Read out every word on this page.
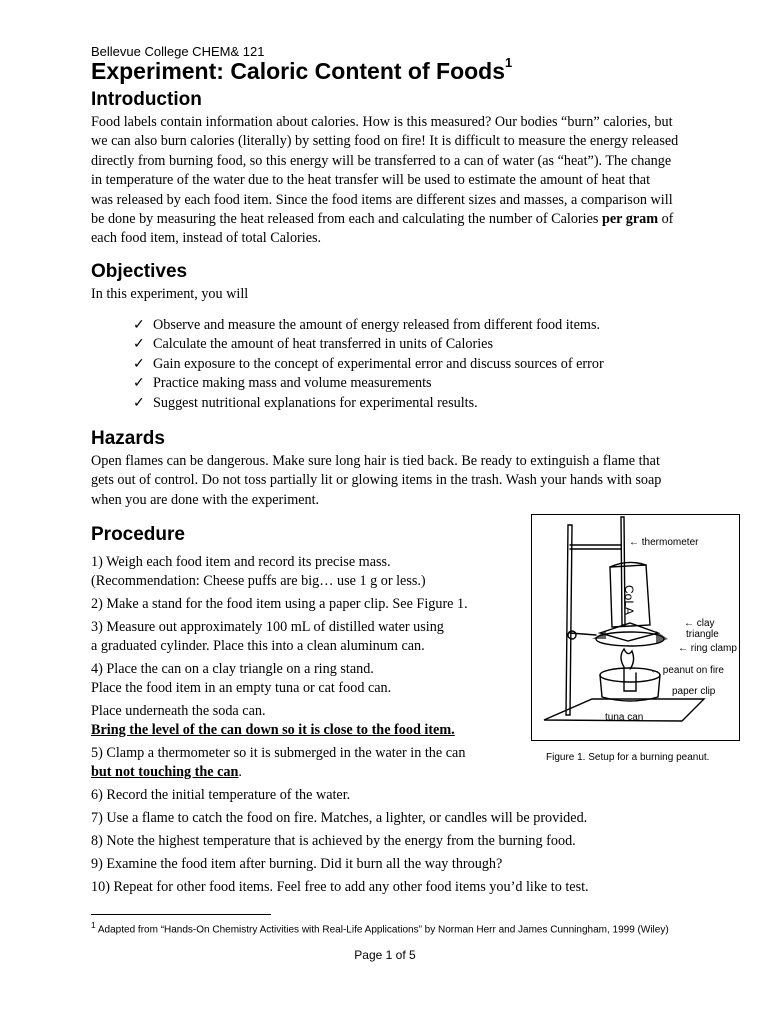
Bellevue College CHEM& 121
Experiment: Caloric Content of Foods$^1$
Introduction
Food labels contain information about calories. How is this measured? Our bodies “burn” calories, but
we can also burn calories (literally) by setting food on fire! It is difficult to measure the energy released
directly from burning food, so this energy will be transferred to a can of water (as “heat”). The change
in temperature of the water due to the heat transfer will be used to estimate the amount of heat that
was released by each food item. Since the food items are different sizes and masses, a comparison will
be done by measuring the heat released from each and calculating the number of Calories per gram of
each food item, instead of total Calories.
Objectives
In this experiment, you will
✓ Observe and measure the amount of energy released from different food items.
✓ Calculate the amount of heat transferred in units of Calories
✓ Gain exposure to the concept of experimental error and discuss sources of error
✓ Practice making mass and volume measurements
✓ Suggest nutritional explanations for experimental results.
Hazards
Open flames can be dangerous. Make sure long hair is tied back. Be ready to extinguish a flame that
gets out of control. Do not toss partially lit or glowing items in the trash. Wash your hands with soap
when you are done with the experiment.
Procedure
1) Weigh each food item and record its precise mass.
(Recommendation: Cheese puffs are big… use 1 g or less.)
2) Make a stand for the food item using a paper clip. See Figure 1.
3) Measure out approximately 100 mL of distilled water using
a graduated cylinder. Place this into a clean aluminum can.
4) Place the can on a clay triangle on a ring stand.
Place the food item in an empty tuna or cat food can.
Place underneath the soda can.
Bring the level of the can down so it is close to the food item.
5) Clamp a thermometer so it is submerged in the water in the can
but not touching the can.
6) Record the initial temperature of the water.
7) Use a flame to catch the food on fire. Matches, a lighter, or candles will be provided.
8) Note the highest temperature that is achieved by the energy from the burning food.
9) Examine the food item after burning. Did it burn all the way through?
10) Repeat for other food items. Feel free to add any other food items you’d like to test.
← thermometer
CoLA
← clay
triangle
← ring clamp
← peanut on fire
paper clip
tuna can
Figure 1. Setup for a burning peanut.
$^1$ Adapted from “Hands-On Chemistry Activities with Real-Life Applications” by Norman Herr and James Cunningham, 1999 (Wiley)
Page 1 of 5
